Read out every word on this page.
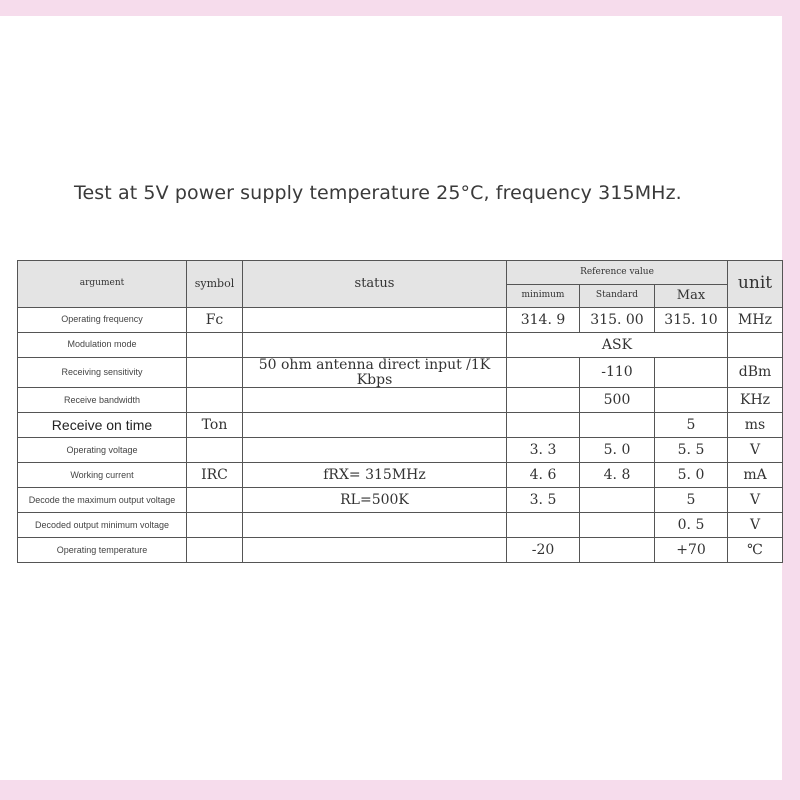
Test at 5V power supply temperature 25°C, frequency 315MHz.
argument	symbol	status	Reference value			unit
			minimum	Standard	Max	

Operating frequency	Fc		314. 9	315. 00	315. 10	MHz

Modulation mode			ASK			

Receiving sensitivity		50 ohm antenna direct input /1K Kbps		-110		dBm

Receive bandwidth				500		KHz

Receive on time	Ton				5	ms

Operating voltage			3. 3	5. 0	5. 5	V

Working current	IRC	fRX= 315MHz	4. 6	4. 8	5. 0	mA

Decode the maximum output voltage		RL=500K	3. 5		5	V

Decoded output minimum voltage					0. 5	V

Operating temperature			-20		+70	℃
